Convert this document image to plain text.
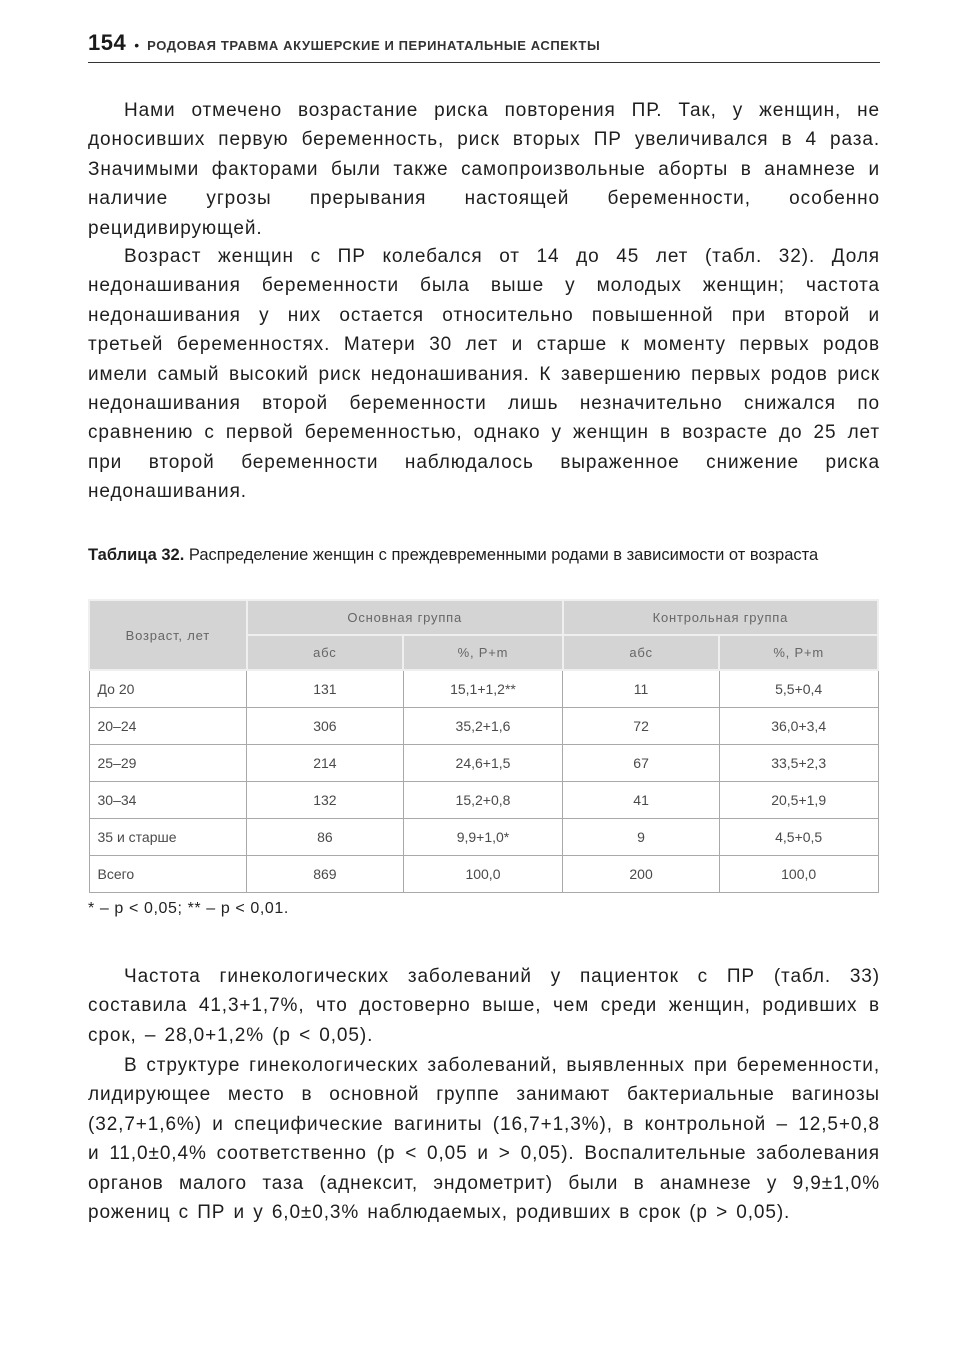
154 • РОДОВАЯ ТРАВМА АКУШЕРСКИЕ И ПЕРИНАТАЛЬНЫЕ АСПЕКТЫ

Нами отмечено возрастание риска повторения ПР. Так, у женщин, не доносивших первую беременность, риск вторых ПР увеличивался в 4 раза. Значимыми факторами были также самопроизвольные аборты в анамнезе и наличие угрозы прерывания настоящей беременности, особенно рецидивирующей.

Возраст женщин с ПР колебался от 14 до 45 лет (табл. 32). Доля недонашивания беременности была выше у молодых женщин; частота недонашивания у них остается относительно повышенной при второй и третьей беременностях. Матери 30 лет и старше к моменту первых родов имели самый высокий риск недонашивания. К завершению первых родов риск недонашивания второй беременности лишь незначительно снижался по сравнению с первой беременностью, однако у женщин в возрасте до 25 лет при второй беременности наблюдалось выраженное снижение риска недонашивания.

Таблица 32. Распределение женщин с преждевременными родами в зависимости от возраста
Возраст, лет	Основная группа		Контрольная группа	
	абс	%, P+m	абс	%, P+m
До 20	131	15,1+1,2**	11	5,5+0,4
20–24	306	35,2+1,6	72	36,0+3,4
25–29	214	24,6+1,5	67	33,5+2,3
30–34	132	15,2+0,8	41	20,5+1,9
35 и старше	86	9,9+1,0*	9	4,5+0,5
Всего	869	100,0	200	100,0
* – p < 0,05; ** – p < 0,01.

Частота гинекологических заболеваний у пациенток с ПР (табл. 33) составила 41,3+1,7%, что достоверно выше, чем среди женщин, родивших в срок, – 28,0+1,2% (p < 0,05).

В структуре гинекологических заболеваний, выявленных при беременности, лидирующее место в основной группе занимают бактериальные вагинозы (32,7+1,6%) и специфические вагиниты (16,7+1,3%), в контрольной – 12,5+0,8 и 11,0±0,4% соответственно (p < 0,05 и > 0,05). Воспалительные заболевания органов малого таза (аднексит, эндометрит) были в анамнезе у 9,9±1,0% рожениц с ПР и у 6,0±0,3% наблюдаемых, родивших в срок (p > 0,05).
